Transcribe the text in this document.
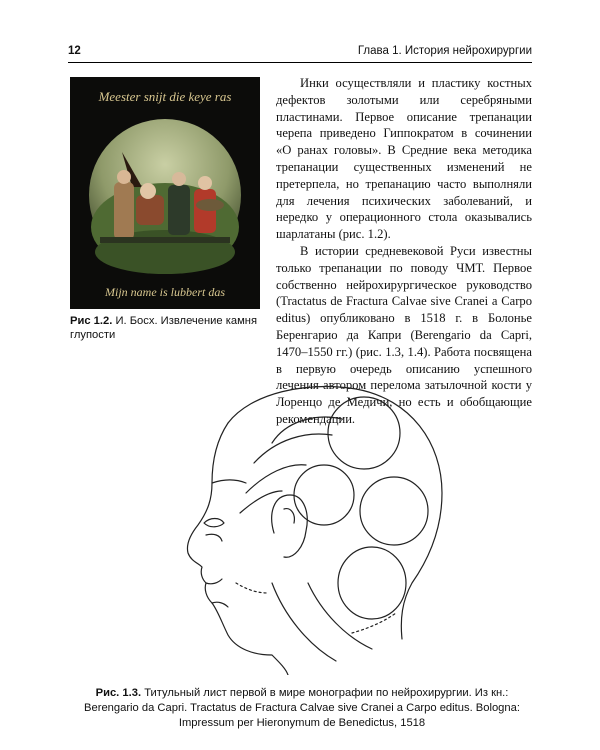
12	Глава 1. История нейрохирургии
Meester snijt die keye ras
Mijn name is lubbert das
Рис 1.2. И. Босх. Извлечение камня глупости

Инки осуществляли и пластику костных дефектов золотыми или серебряными пластинами. Первое описание трепанации черепа приведено Гиппократом в сочинении «О ранах головы». В Средние века методика трепанации существенных изменений не претерпела, но трепанацию часто выполняли для лечения психических заболеваний, и нередко у операционного стола оказывались шарлатаны (рис. 1.2).

В истории средневековой Руси известны только трепанации по поводу ЧМТ. Первое собственно нейрохирургическое руководство (Tractatus de Fractura Calvae sive Cranei a Carpo editus) опубликовано в 1518 г. в Болонье Беренгарио да Капри (Berengario da Capri, 1470–1550 гг.) (рис. 1.3, 1.4). Работа посвящена в первую очередь описанию успешного лечения автором перелома затылочной кости у Лоренцо де Медичи, но есть и обобщающие рекомендации.

Рис. 1.3. Титульный лист первой в мире монографии по нейрохирургии. Из кн.: Berengario da Capri. Tractatus de Fractura Calvae sive Cranei a Carpo editus. Bologna: Impressum per Hieronymum de Benedictus, 1518
